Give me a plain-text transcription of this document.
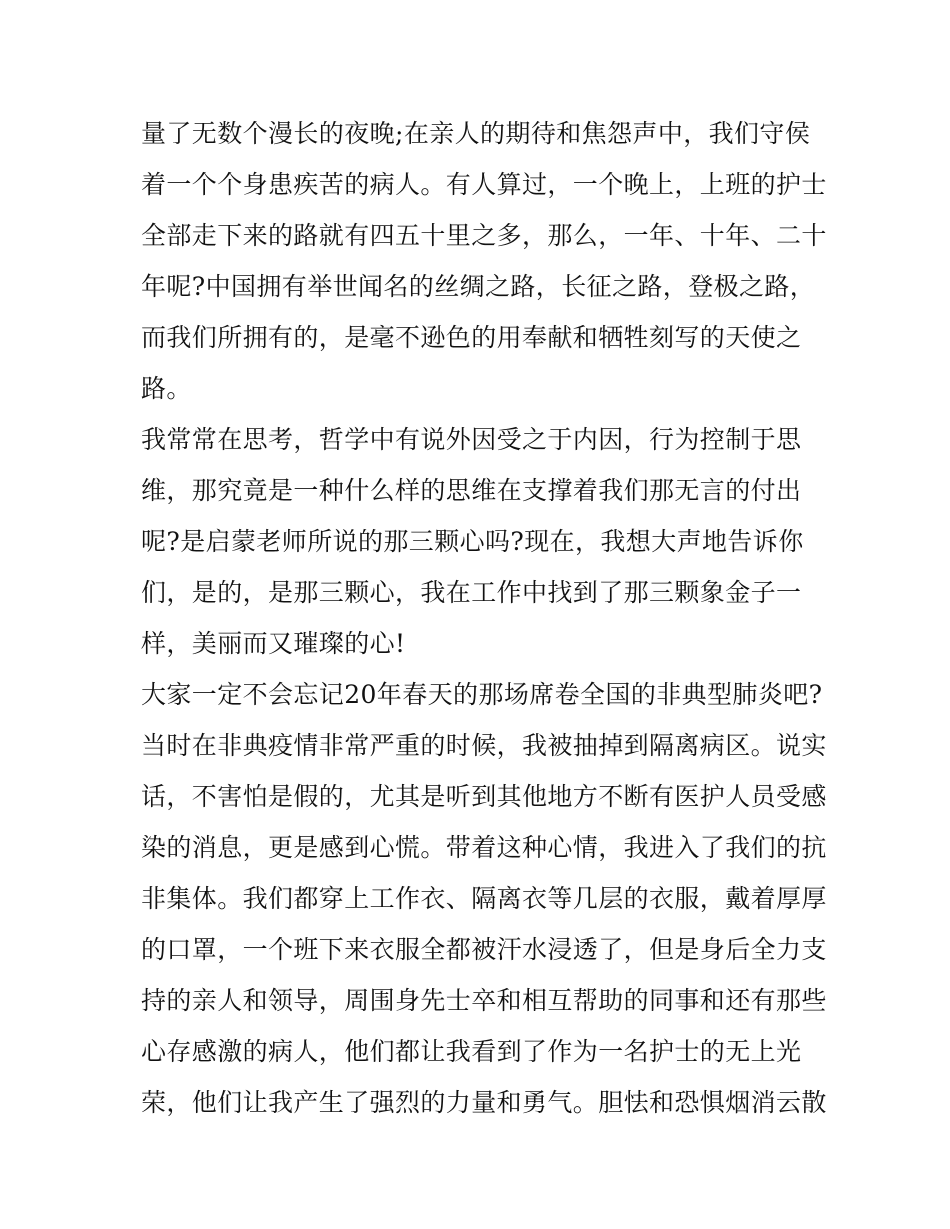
量了无数个漫长的夜晚;在亲人的期待和焦怨声中，我们守侯
着一个个身患疾苦的病人。有人算过，一个晚上，上班的护士
全部走下来的路就有四五十里之多，那么，一年、十年、二十
年呢?中国拥有举世闻名的丝绸之路，长征之路，登极之路，
而我们所拥有的，是毫不逊色的用奉献和牺牲刻写的天使之
路。
我常常在思考，哲学中有说外因受之于内因，行为控制于思
维，那究竟是一种什么样的思维在支撑着我们那无言的付出
呢?是启蒙老师所说的那三颗心吗?现在，我想大声地告诉你
们，是的，是那三颗心，我在工作中找到了那三颗象金子一
样，美丽而又璀璨的心!
大家一定不会忘记20年春天的那场席卷全国的非典型肺炎吧?
当时在非典疫情非常严重的时候，我被抽掉到隔离病区。说实
话，不害怕是假的，尤其是听到其他地方不断有医护人员受感
染的消息，更是感到心慌。带着这种心情，我进入了我们的抗
非集体。我们都穿上工作衣、隔离衣等几层的衣服，戴着厚厚
的口罩，一个班下来衣服全都被汗水浸透了，但是身后全力支
持的亲人和领导，周围身先士卒和相互帮助的同事和还有那些
心存感激的病人，他们都让我看到了作为一名护士的无上光
荣，他们让我产生了强烈的力量和勇气。胆怯和恐惧烟消云散
